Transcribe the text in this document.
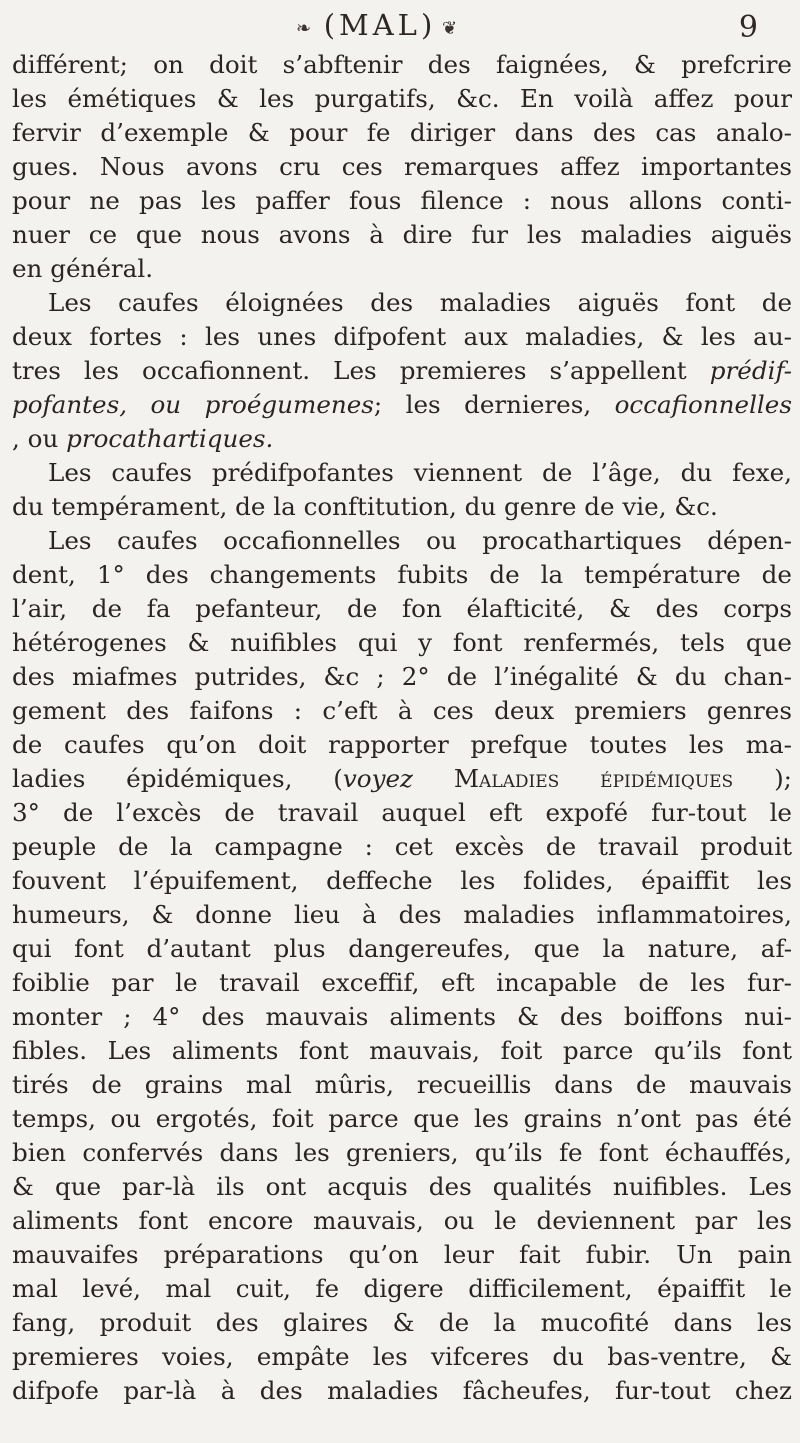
❧ (MAL) ❦	9
différent; on doit s’abftenir des faignées, & prefcrire
les émétiques & les purgatifs, &c. En voilà affez pour
fervir d’exemple & pour fe diriger dans des cas analo-
gues. Nous avons cru ces remarques affez importantes
pour ne pas les paffer fous filence : nous allons conti-
nuer ce que nous avons à dire fur les maladies aiguës
en général.
Les caufes éloignées des maladies aiguës font de
deux fortes : les unes difpofent aux maladies, & les au-
tres les occafionnent. Les premieres s’appellent prédif-
pofantes, ou proégumenes; les dernieres, occafionnelles
, ou procathartiques.
Les caufes prédifpofantes viennent de l’âge, du fexe,
du tempérament, de la conftitution, du genre de vie, &c.
Les caufes occafionnelles ou procathartiques dépen-
dent, 1° des changements fubits de la température de
l’air, de fa pefanteur, de fon élafticité, & des corps
hétérogenes & nuifibles qui y font renfermés, tels que
des miafmes putrides, &c ; 2° de l’inégalité & du chan-
gement des faifons : c’eft à ces deux premiers genres
de caufes qu’on doit rapporter prefque toutes les ma-
ladies épidémiques, (voyez Maladies épidémiques );
3° de l’excès de travail auquel eft expofé fur-tout le
peuple de la campagne : cet excès de travail produit
fouvent l’épuifement, deffeche les folides, épaiffit les
humeurs, & donne lieu à des maladies inflammatoires,
qui font d’autant plus dangereufes, que la nature, af-
foiblie par le travail exceffif, eft incapable de les fur-
monter ; 4° des mauvais aliments & des boiffons nui-
fibles. Les aliments font mauvais, foit parce qu’ils font
tirés de grains mal mûris, recueillis dans de mauvais
temps, ou ergotés, foit parce que les grains n’ont pas été
bien confervés dans les greniers, qu’ils fe font échauffés,
& que par-là ils ont acquis des qualités nuifibles. Les
aliments font encore mauvais, ou le deviennent par les
mauvaifes préparations qu’on leur fait fubir. Un pain
mal levé, mal cuit, fe digere difficilement, épaiffit le
fang, produit des glaires & de la mucofité dans les
premieres voies, empâte les vifceres du bas-ventre, &
difpofe par-là à des maladies fâcheufes, fur-tout chez
